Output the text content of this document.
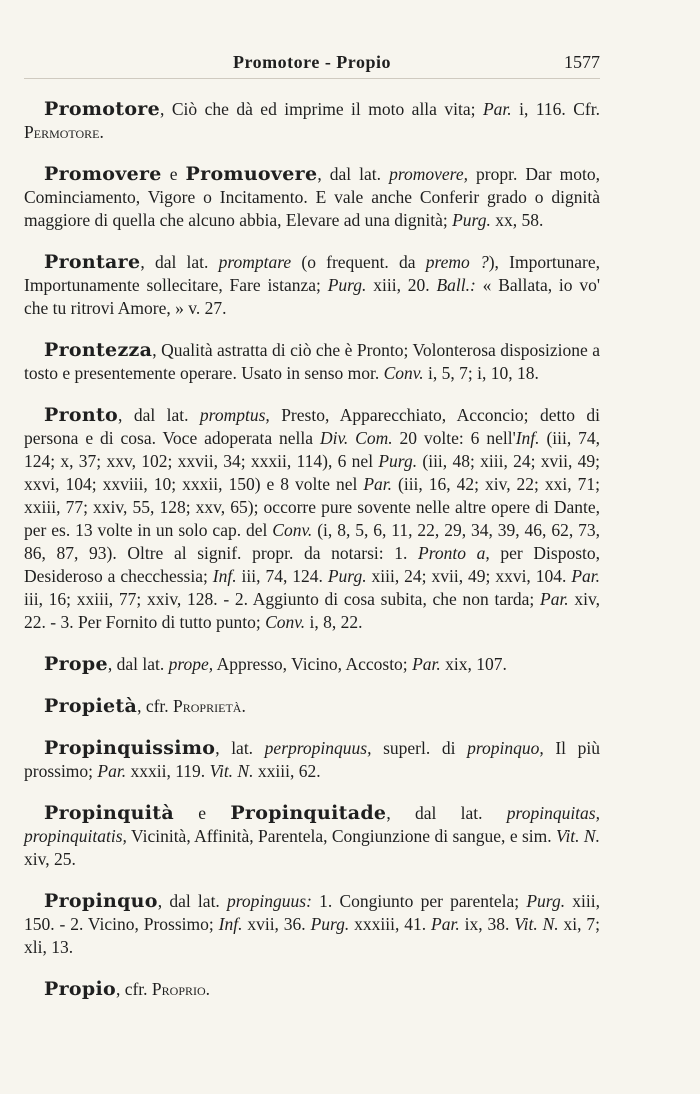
Promotore - Propio	1577

Promotore, Ciò che dà ed imprime il moto alla vita; Par. i, 116. Cfr. Permotore.

Promovere e Promuovere, dal lat. promovere, propr. Dar moto, Cominciamento, Vigore o Incitamento. E vale anche Conferir grado o dignità maggiore di quella che alcuno abbia, Elevare ad una dignità; Purg. xx, 58.

Prontare, dal lat. promptare (o frequent. da premo ?), Importunare, Importunamente sollecitare, Fare istanza; Purg. xiii, 20. Ball.: « Ballata, io vo' che tu ritrovi Amore, » v. 27.

Prontezza, Qualità astratta di ciò che è Pronto; Volonterosa disposizione a tosto e presentemente operare. Usato in senso mor. Conv. i, 5, 7; i, 10, 18.

Pronto, dal lat. promptus, Presto, Apparecchiato, Acconcio; detto di persona e di cosa. Voce adoperata nella Div. Com. 20 volte: 6 nell'Inf. (iii, 74, 124; x, 37; xxv, 102; xxvii, 34; xxxii, 114), 6 nel Purg. (iii, 48; xiii, 24; xvii, 49; xxvi, 104; xxviii, 10; xxxii, 150) e 8 volte nel Par. (iii, 16, 42; xiv, 22; xxi, 71; xxiii, 77; xxiv, 55, 128; xxv, 65); occorre pure sovente nelle altre opere di Dante, per es. 13 volte in un solo cap. del Conv. (i, 8, 5, 6, 11, 22, 29, 34, 39, 46, 62, 73, 86, 87, 93). Oltre al signif. propr. da notarsi: 1. Pronto a, per Disposto, Desideroso a checchessia; Inf. iii, 74, 124. Purg. xiii, 24; xvii, 49; xxvi, 104. Par. iii, 16; xxiii, 77; xxiv, 128. - 2. Aggiunto di cosa subita, che non tarda; Par. xiv, 22. - 3. Per Fornito di tutto punto; Conv. i, 8, 22.

Prope, dal lat. prope, Appresso, Vicino, Accosto; Par. xix, 107.

Propietà, cfr. Proprietà.

Propinquissimo, lat. perpropinquus, superl. di propinquo, Il più prossimo; Par. xxxii, 119. Vit. N. xxiii, 62.

Propinquità e Propinquitade, dal lat. propinquitas, propinquitatis, Vicinità, Affinità, Parentela, Congiunzione di sangue, e sim. Vit. N. xiv, 25.

Propinquo, dal lat. propinguus: 1. Congiunto per parentela; Purg. xiii, 150. - 2. Vicino, Prossimo; Inf. xvii, 36. Purg. xxxiii, 41. Par. ix, 38. Vit. N. xi, 7; xli, 13.

Propio, cfr. Proprio.
